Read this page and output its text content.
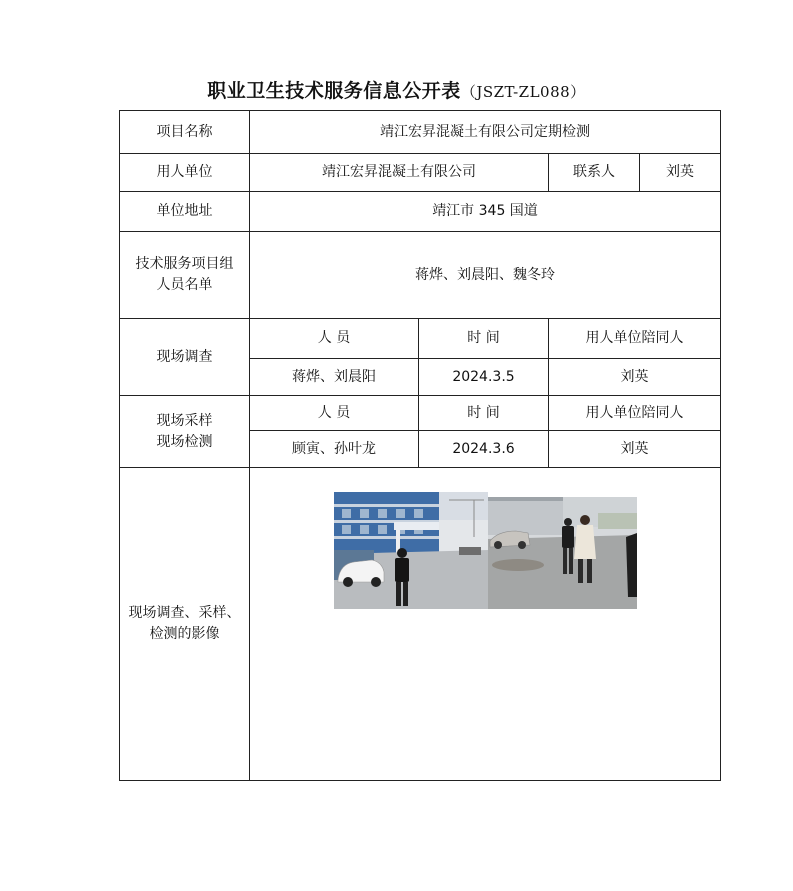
职业卫生技术服务信息公开表（JSZT-ZL088）
项目名称	靖江宏昇混凝土有限公司定期检测			
用人单位	靖江宏昇混凝土有限公司		联系人	刘英
单位地址	靖江市 345 国道			

技术服务项目组
人员名单	蒋烨、刘晨阳、魏冬玲			
现场调查	人 员	时 间	用人单位陪同人	
	蒋烨、刘晨阳	2024.3.5	刘英	

现场采样
现场检测	人 员	时 间	用人单位陪同人	
	顾寅、孙叶龙	2024.3.6	刘英	

现场调查、采样、
检测的影像
